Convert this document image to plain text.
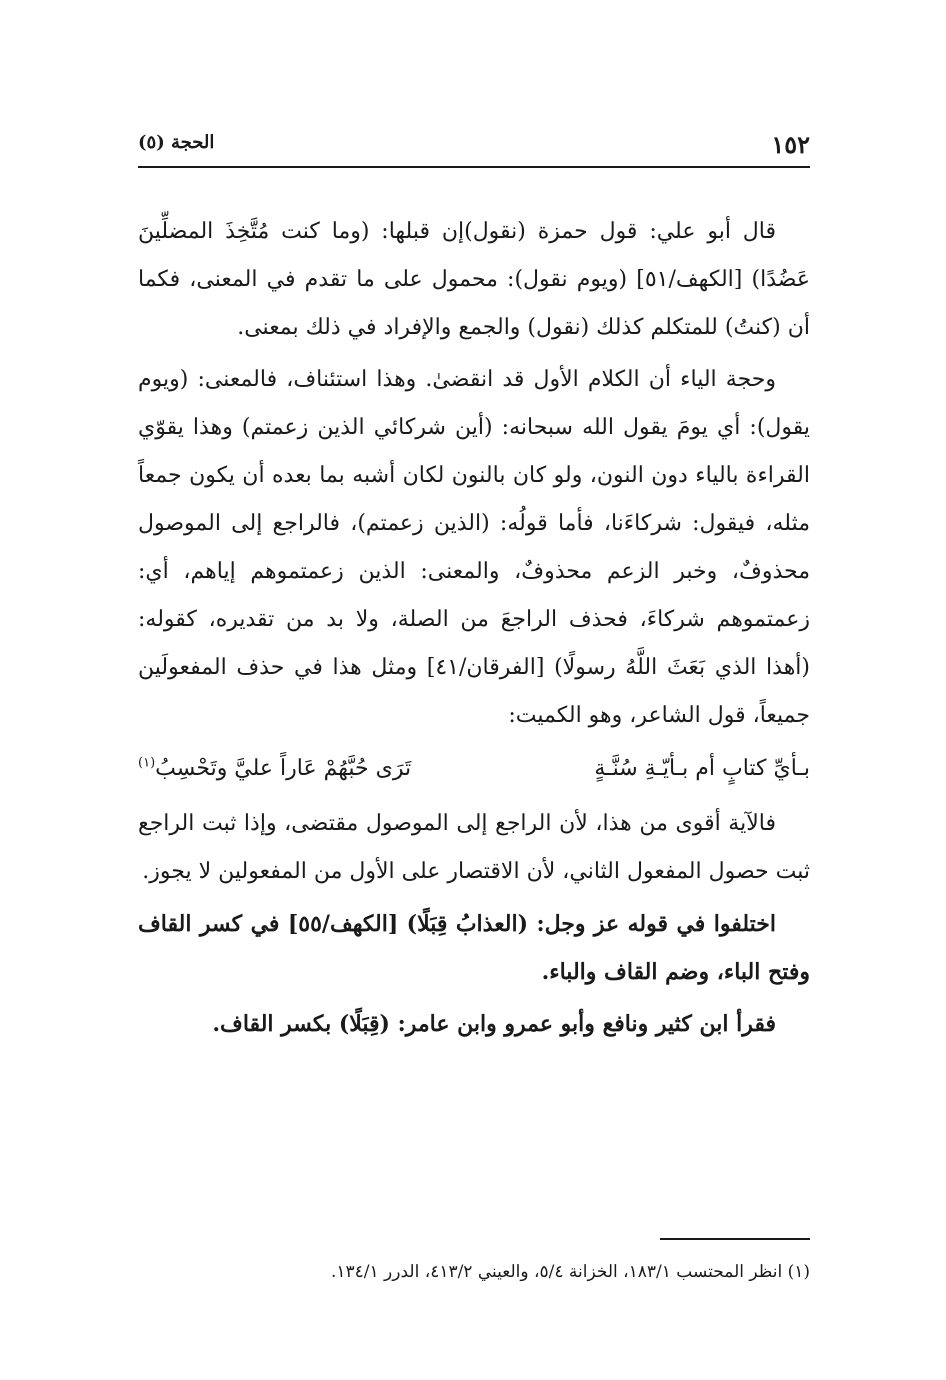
١٥٢
الحجة (٥)

قال أبو علي: قول حمزة (نقول)إن قبلها: (وما كنت مُتَّخِذَ المضلِّينَ عَضُدًا) [الكهف/٥١] (ويوم نقول): محمول على ما تقدم في المعنى، فكما أن (كنتُ) للمتكلم كذلك (نقول) والجمع والإفراد في ذلك بمعنى.

وحجة الياء أن الكلام الأول قد انقضىٰ. وهذا استئناف، فالمعنى: (ويوم يقول): أي يومَ يقول الله سبحانه: (أين شركائي الذين زعمتم) وهذا يقوّي القراءة بالياء دون النون، ولو كان بالنون لكان أشبه بما بعده أن يكون جمعاً مثله، فيقول: شركاءَنا، فأما قولُه: (الذين زعمتم)، فالراجع إلى الموصول محذوفٌ، وخبر الزعم محذوفٌ، والمعنى: الذين زعمتموهم إياهم، أي: زعمتموهم شركاءَ، فحذف الراجعَ من الصلة، ولا بد من تقديره، كقوله: (أهذا الذي بَعَثَ اللَّهُ رسولًا) [الفرقان/٤١] ومثل هذا في حذف المفعولَين جميعاً، قول الشاعر، وهو الكميت:

بـأيِّ كتابٍ أم بـأيّـةِ سُنَّـةٍ
تَرَى حُبَّهُمْ عَاراً عليَّ وتَحْسِبُ$^{(١)}$

فالآية أقوى من هذا، لأن الراجع إلى الموصول مقتضى، وإذا ثبت الراجع ثبت حصول المفعول الثاني، لأن الاقتصار على الأول من المفعولين لا يجوز.

اختلفوا في قوله عز وجل: (العذابُ قِبَلًا) [الكهف/٥٥] في كسر القاف وفتح الباء، وضم القاف والباء.

فقرأ ابن كثير ونافع وأبو عمرو وابن عامر: (قِبَلًا) بكسر القاف.

(١) انظر المحتسب ١٨٣/١، الخزانة ٥/٤، والعيني ٤١٣/٢، الدرر ١٣٤/١.
